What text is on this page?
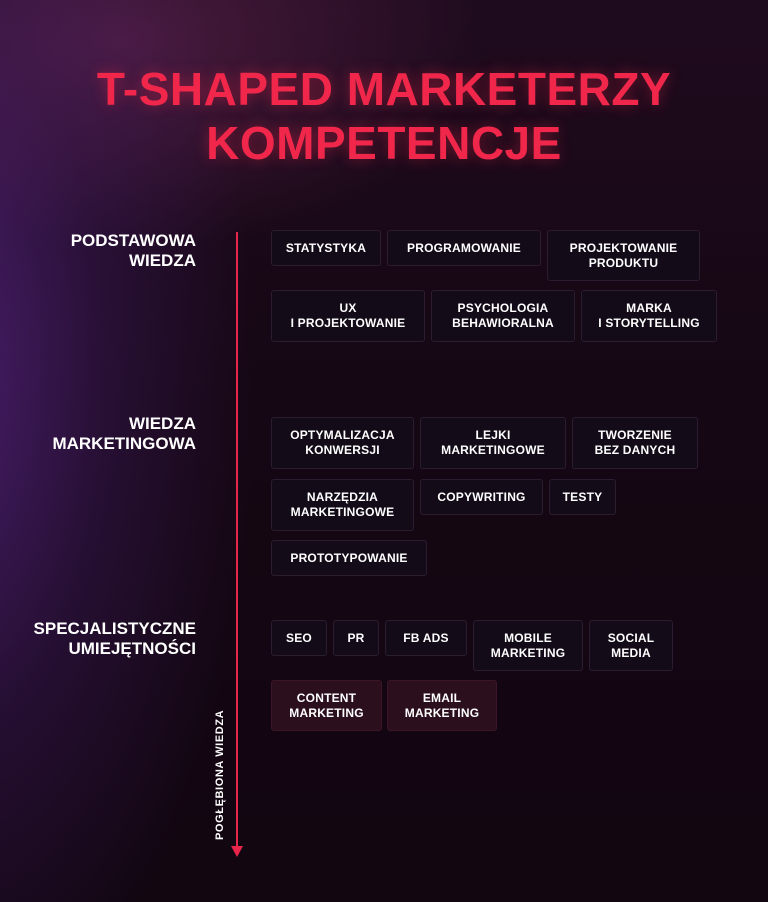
T-SHAPED MARKETERZY
KOMPETENCJE
PODSTAWOWA
WIEDZA
WIEDZA
MARKETINGOWA
SPECJALISTYCZNE
UMIEJĘTNOŚCI
POGŁĘBIONA WIEDZA
STATYSTYKA	PROGRAMOWANIE	PROJEKTOWANIE
PRODUKTU
UX
I PROJEKTOWANIE
PSYCHOLOGIA
BEHAWIORALNA
MARKA
I STORYTELLING
OPTYMALIZACJA
KONWERSJI
LEJKI
MARKETINGOWE
TWORZENIE
BEZ DANYCH
NARZĘDZIA
MARKETINGOWE
COPYWRITING	TESTY
PROTOTYPOWANIE
SEO	PR	FB ADS	MOBILE
MARKETING
SOCIAL
MEDIA
CONTENT
MARKETING
EMAIL
MARKETING
